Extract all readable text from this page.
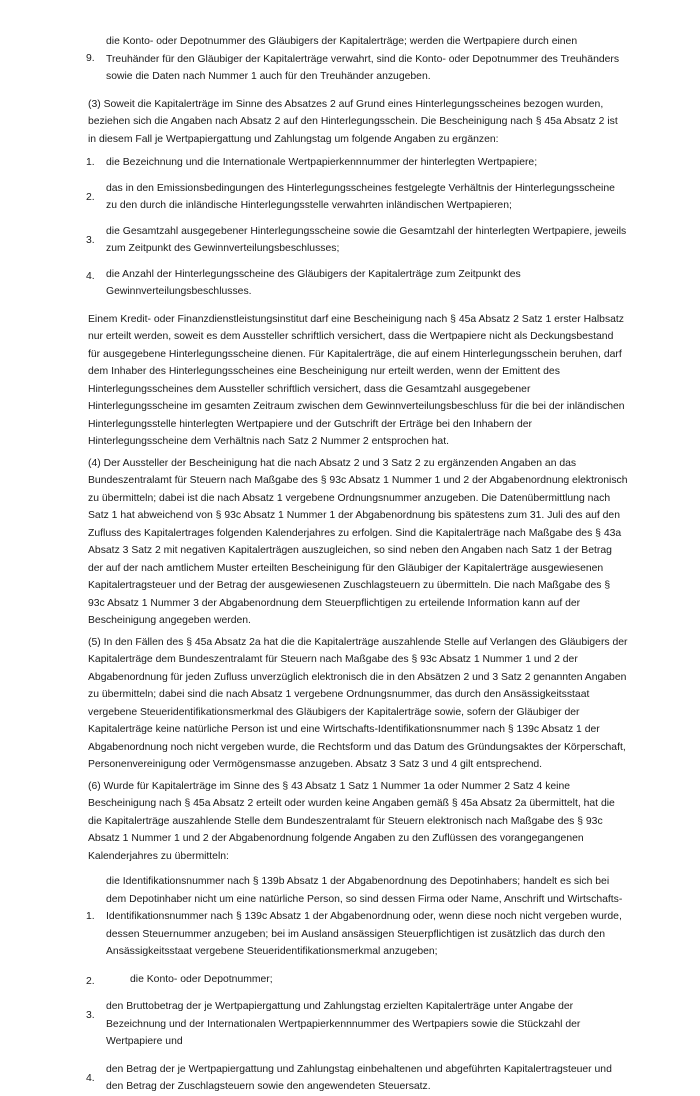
9.
die Konto- oder Depotnummer des Gläubigers der Kapitalerträge; werden die Wertpapiere durch einen Treuhänder für den Gläubiger der Kapitalerträge verwahrt, sind die Konto- oder Depotnummer des Treuhänders sowie die Daten nach Nummer 1 auch für den Treuhänder anzugeben.

(3) Soweit die Kapitalerträge im Sinne des Absatzes 2 auf Grund eines Hinterlegungsscheines bezogen wurden, beziehen sich die Angaben nach Absatz 2 auf den Hinterlegungsschein. Die Bescheinigung nach § 45a Absatz 2 ist in diesem Fall je Wertpapiergattung und Zahlungstag um folgende Angaben zu ergänzen:

1.	die Bezeichnung und die Internationale Wertpapierkennnummer der hinterlegten Wertpapiere;
2.
das in den Emissionsbedingungen des Hinterlegungsscheines festgelegte Verhältnis der Hinterlegungsscheine zu den durch die inländische Hinterlegungsstelle verwahrten inländischen Wertpapieren;
3.
die Gesamtzahl ausgegebener Hinterlegungsscheine sowie die Gesamtzahl der hinterlegten Wertpapiere, jeweils zum Zeitpunkt des Gewinnverteilungsbeschlusses;
4.	die Anzahl der Hinterlegungsscheine des Gläubigers der Kapitalerträge zum Zeitpunkt des Gewinnverteilungsbeschlusses.

Einem Kredit- oder Finanzdienstleistungsinstitut darf eine Bescheinigung nach § 45a Absatz 2 Satz 1 erster Halbsatz nur erteilt werden, soweit es dem Aussteller schriftlich versichert, dass die Wertpapiere nicht als Deckungsbestand für ausgegebene Hinterlegungsscheine dienen. Für Kapitalerträge, die auf einem Hinterlegungsschein beruhen, darf dem Inhaber des Hinterlegungsscheines eine Bescheinigung nur erteilt werden, wenn der Emittent des Hinterlegungsscheines dem Aussteller schriftlich versichert, dass die Gesamtzahl ausgegebener Hinterlegungsscheine im gesamten Zeitraum zwischen dem Gewinnverteilungsbeschluss für die bei der inländischen Hinterlegungsstelle hinterlegten Wertpapiere und der Gutschrift der Erträge bei den Inhabern der Hinterlegungsscheine dem Verhältnis nach Satz 2 Nummer 2 entsprochen hat.

(4) Der Aussteller der Bescheinigung hat die nach Absatz 2 und 3 Satz 2 zu ergänzenden Angaben an das Bundeszentralamt für Steuern nach Maßgabe des § 93c Absatz 1 Nummer 1 und 2 der Abgabenordnung elektronisch zu übermitteln; dabei ist die nach Absatz 1 vergebene Ordnungsnummer anzugeben. Die Datenübermittlung nach Satz 1 hat abweichend von § 93c Absatz 1 Nummer 1 der Abgabenordnung bis spätestens zum 31. Juli des auf den Zufluss des Kapitalertrages folgenden Kalenderjahres zu erfolgen. Sind die Kapitalerträge nach Maßgabe des § 43a Absatz 3 Satz 2 mit negativen Kapitalerträgen auszugleichen, so sind neben den Angaben nach Satz 1 der Betrag der auf der nach amtlichem Muster erteilten Bescheinigung für den Gläubiger der Kapitalerträge ausgewiesenen Kapitalertragsteuer und der Betrag der ausgewiesenen Zuschlagsteuern zu übermitteln. Die nach Maßgabe des § 93c Absatz 1 Nummer 3 der Abgabenordnung dem Steuerpflichtigen zu erteilende Information kann auf der Bescheinigung angegeben werden.

(5) In den Fällen des § 45a Absatz 2a hat die die Kapitalerträge auszahlende Stelle auf Verlangen des Gläubigers der Kapitalerträge dem Bundeszentralamt für Steuern nach Maßgabe des § 93c Absatz 1 Nummer 1 und 2 der Abgabenordnung für jeden Zufluss unverzüglich elektronisch die in den Absätzen 2 und 3 Satz 2 genannten Angaben zu übermitteln; dabei sind die nach Absatz 1 vergebene Ordnungsnummer, das durch den Ansässigkeitsstaat vergebene Steueridentifikationsmerkmal des Gläubigers der Kapitalerträge sowie, sofern der Gläubiger der Kapitalerträge keine natürliche Person ist und eine Wirtschafts-Identifikationsnummer nach § 139c Absatz 1 der Abgabenordnung noch nicht vergeben wurde, die Rechtsform und das Datum des Gründungsaktes der Körperschaft, Personenvereinigung oder Vermögensmasse anzugeben. Absatz 3 Satz 3 und 4 gilt entsprechend.

(6) Wurde für Kapitalerträge im Sinne des § 43 Absatz 1 Satz 1 Nummer 1a oder Nummer 2 Satz 4 keine Bescheinigung nach § 45a Absatz 2 erteilt oder wurden keine Angaben gemäß § 45a Absatz 2a übermittelt, hat die die Kapitalerträge auszahlende Stelle dem Bundeszentralamt für Steuern elektronisch nach Maßgabe des § 93c Absatz 1 Nummer 1 und 2 der Abgabenordnung folgende Angaben zu den Zuflüssen des vorangegangenen Kalenderjahres zu übermitteln:

1.
die Identifikationsnummer nach § 139b Absatz 1 der Abgabenordnung des Depotinhabers; handelt es sich bei dem Depotinhaber nicht um eine natürliche Person, so sind dessen Firma oder Name, Anschrift und Wirtschafts-Identifikationsnummer nach § 139c Absatz 1 der Abgabenordnung oder, wenn diese noch nicht vergeben wurde, dessen Steuernummer anzugeben; bei im Ausland ansässigen Steuerpflichtigen ist zusätzlich das durch den Ansässigkeitsstaat vergebene Steueridentifikationsmerkmal anzugeben;
2.	die Konto- oder Depotnummer;
3.
den Bruttobetrag der je Wertpapiergattung und Zahlungstag erzielten Kapitalerträge unter Angabe der Bezeichnung und der Internationalen Wertpapierkennnummer des Wertpapiers sowie die Stückzahl der Wertpapiere und
4.
den Betrag der je Wertpapiergattung und Zahlungstag einbehaltenen und abgeführten Kapitalertragsteuer und den Betrag der Zuschlagsteuern sowie den angewendeten Steuersatz.
